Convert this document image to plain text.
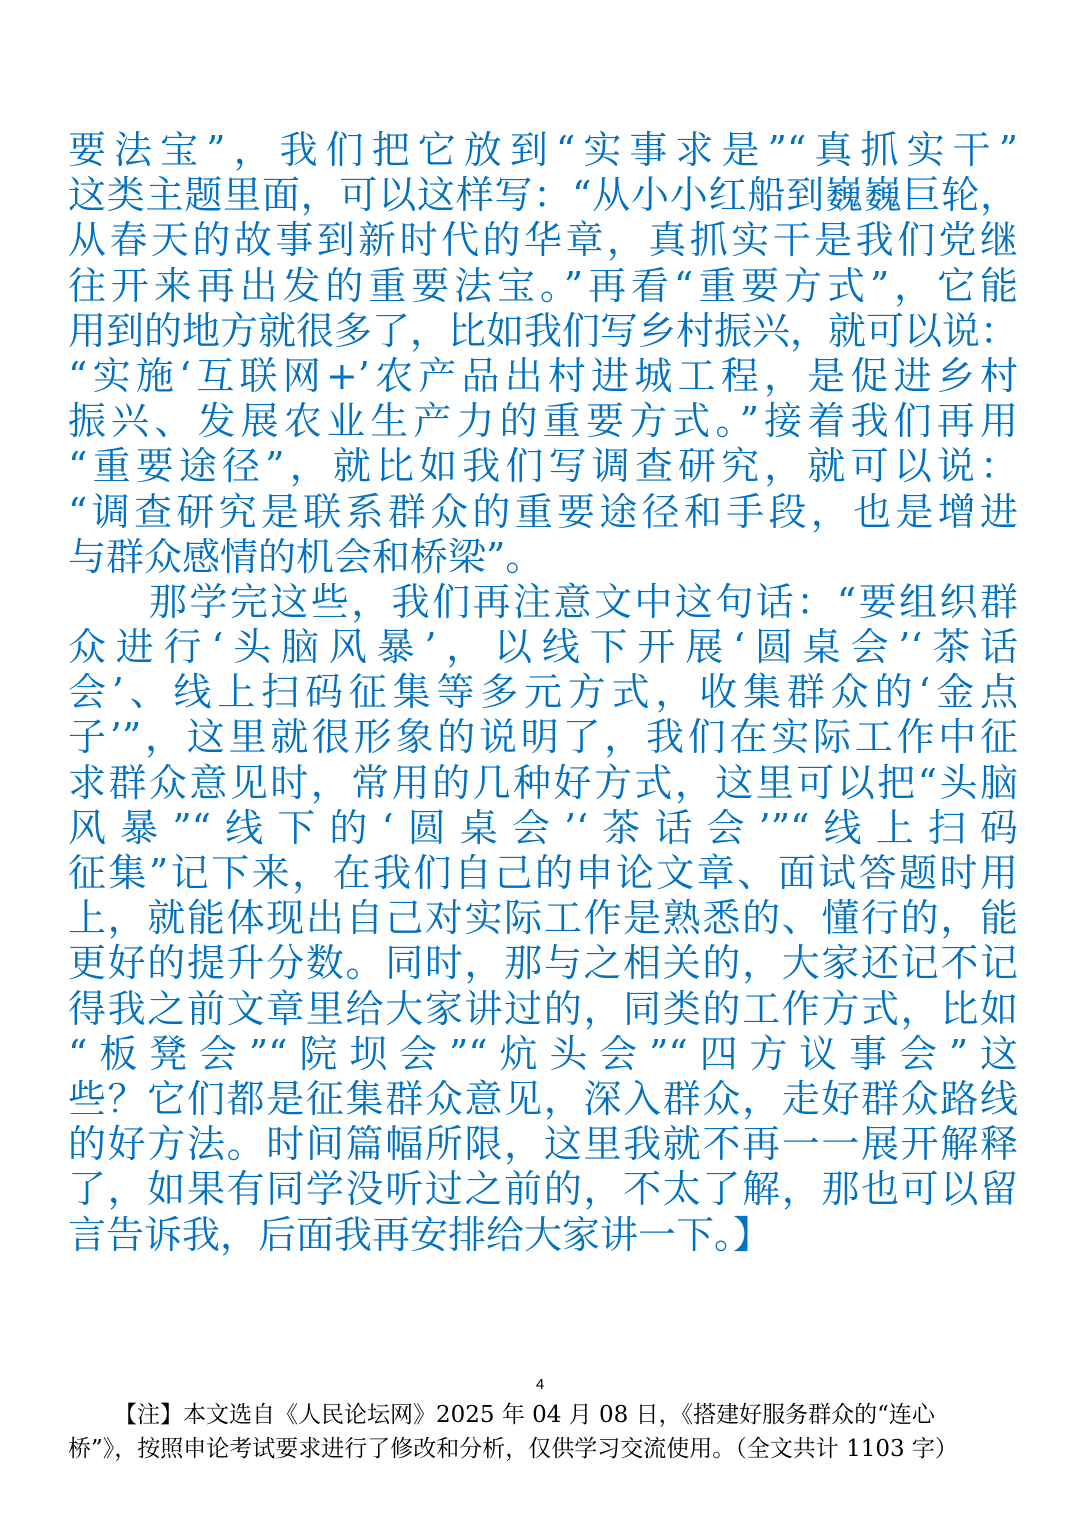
要法宝”，我们把它放到“实事求是”“真抓实干”
这类主题里面，可以这样写：“从小小红船到巍巍巨轮，
从春天的故事到新时代的华章，真抓实干是我们党继
往开来再出发的重要法宝。”再看“重要方式”，它能
用到的地方就很多了，比如我们写乡村振兴，就可以说：
“实施‘互联网+’农产品出村进城工程，是促进乡村
振兴、发展农业生产力的重要方式。”接着我们再用
“重要途径”，就比如我们写调查研究，就可以说：
“调查研究是联系群众的重要途径和手段，也是增进
与群众感情的机会和桥梁”。
　　那学完这些，我们再注意文中这句话：“要组织群
众进行‘头脑风暴’，以线下开展‘圆桌会’‘茶话
会’、线上扫码征集等多元方式，收集群众的‘金点
子’”，这里就很形象的说明了，我们在实际工作中征
求群众意见时，常用的几种好方式，这里可以把“头脑
风暴”“线下的‘圆桌会’‘茶话会’”“线上扫码
征集”记下来，在我们自己的申论文章、面试答题时用
上，就能体现出自己对实际工作是熟悉的、懂行的，能
更好的提升分数。同时，那与之相关的，大家还记不记
得我之前文章里给大家讲过的，同类的工作方式，比如
“板凳会”“院坝会”“炕头会”“四方议事会”这
些？它们都是征集群众意见，深入群众，走好群众路线
的好方法。时间篇幅所限，这里我就不再一一展开解释
了，如果有同学没听过之前的，不太了解，那也可以留
言告诉我，后面我再安排给大家讲一下。】
4
【注】本文选自《人民论坛网》2025 年 04 月 08 日，《搭建好服务群众的“连心
桥”》，按照申论考试要求进行了修改和分析，仅供学习交流使用。（全文共计 1103 字）
